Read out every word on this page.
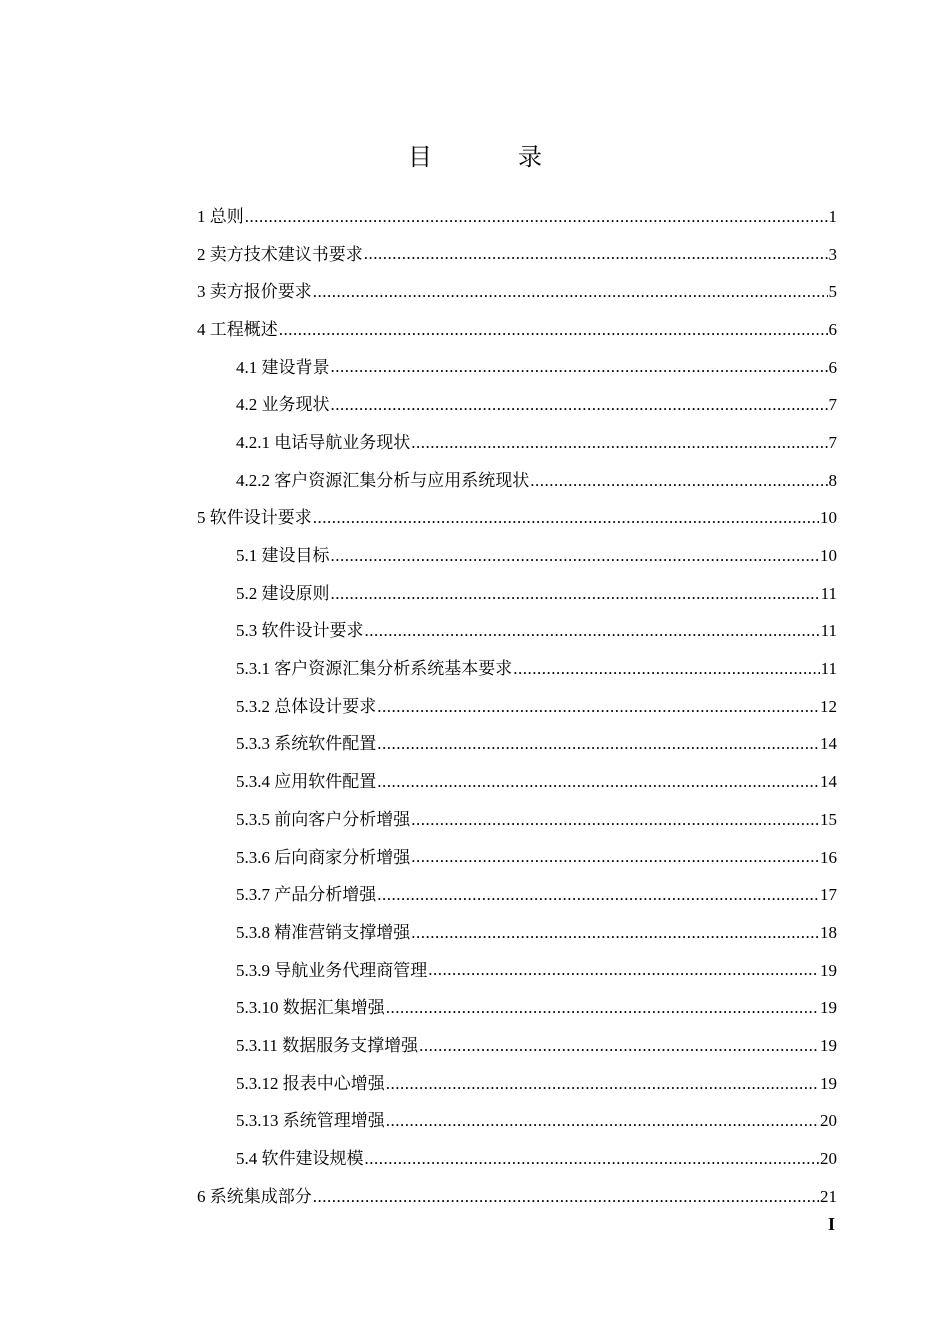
目 录
1 总则 .....	1
2 卖方技术建议书要求 .....	3
3 卖方报价要求 .....	5
4 工程概述 .....	6
4.1 建设背景 .....	6
4.2 业务现状 .....	7
4.2.1 电话导航业务现状 .....	7
4.2.2 客户资源汇集分析与应用系统现状 .....	8
5 软件设计要求 .....	10
5.1 建设目标 .....	10
5.2 建设原则 .....	11
5.3 软件设计要求 .....	11
5.3.1 客户资源汇集分析系统基本要求 .....	11
5.3.2 总体设计要求 .....	12
5.3.3 系统软件配置 .....	14
5.3.4 应用软件配置 .....	14
5.3.5 前向客户分析增强 .....	15
5.3.6 后向商家分析增强 .....	16
5.3.7 产品分析增强 .....	17
5.3.8 精准营销支撑增强 .....	18
5.3.9 导航业务代理商管理 .....	19
5.3.10 数据汇集增强 .....	19
5.3.11 数据服务支撑增强 .....	19
5.3.12 报表中心增强 .....	19
5.3.13 系统管理增强 .....	20
5.4 软件建设规模 .....	20
6 系统集成部分 .....	21
I
